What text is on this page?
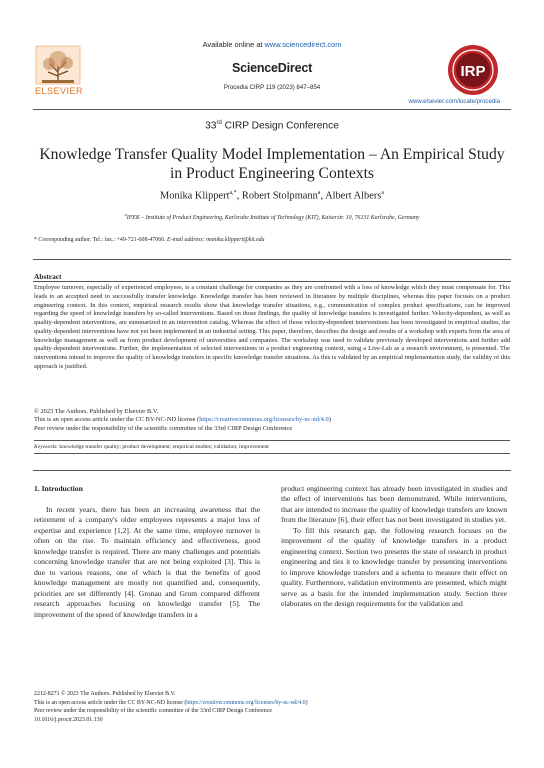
Available online at www.sciencedirect.com
ELSEVIER
ScienceDirect
Procedia CIRP 119 (2023) 847–854
IRP
www.elsevier.com/locate/procedia
33rd CIRP Design Conference
Knowledge Transfer Quality Model Implementation – An Empirical Study
in Product Engineering Contexts
Monika Klippert$^{a,*}$, Robert Stolpmann$^a$, Albert Albers$^a$
$^a$IPEK – Institute of Product Engineering, Karlsruhe Institute of Technology (KIT), Kaiserstr. 10, 76131 Karlsruhe, Germany
* Corresponding author. Tel.: fax.: +49-721-608-47066. E-mail address: monika.klippert@kit.edu
Abstract
Employee turnover, especially of experienced employees, is a constant challenge for companies as they are confronted with a loss of knowledge which they must compensate for. This leads to an accepted need to successfully transfer knowledge. Knowledge transfer has been reviewed in literature by multiple disciplines, whereas this paper focuses on a product engineering context. In this context, empirical research results show that knowledge transfer situations, e.g., communication of complex product specifications, can be improved regarding the speed of knowledge transfers by so-called interventions. Based on those findings, the quality of knowledge transfers is investigated further. Velocity-dependent, as well as quality-dependent interventions, are summarized in an intervention catalog. Whereas the effect of those velocity-dependent interventions has been investigated in empirical studies, the quality-dependent interventions have not yet been implemented in an industrial setting. This paper, therefore, describes the design and results of a workshop with experts from the area of knowledge management as well as from product development of universities and companies. The workshop was used to validate previously developed interventions and further add quality-dependent interventions. Further, the implementation of selected interventions in a product engineering context, using a Live-Lab as a research environment, is presented. The interventions intend to improve the quality of knowledge transfers in specific knowledge transfer situations. As this is validated by an empirical implementation study, the validity of this approach is justified.
© 2023 The Authors. Published by Elsevier B.V.
This is an open access article under the CC BY-NC-ND license (https://creativecommons.org/licenses/by-nc-nd/4.0)
Peer review under the responsibility of the scientific committee of the 33rd CIRP Design Conference
Keywords: knowledge transfer quality; product development; empirical studies; validation; improvement
1. Introduction
In recent years, there has been an increasing awareness that the retirement of a company's older employees represents a major loss of expertise and experience [1,2]. At the same time, employee turnover is often on the rise. To maintain efficiency and effectiveness, good knowledge transfer is required. There are many challenges and potentials concerning knowledge transfer that are not being exploited [3]. This is due to various reasons, one of which is that the benefits of good knowledge management are mostly not quantified and, consequently, priorities are set differently [4]. Gronau and Grum compared different research approaches focusing on knowledge transfer [5]. The improvement of the speed of knowledge transfers in a
product engineering context has already been investigated in studies and the effect of interventions has been demonstrated. While interventions, that are intended to increase the quality of knowledge transfers are known from the literature [6], their effect has not been investigated in studies yet.
To fill this research gap, the following research focuses on the improvement of the quality of knowledge transfers in a product engineering context. Section two presents the state of research in product engineering and ties it to knowledge transfer by presenting interventions to improve knowledge transfers and a schema to measure their effect on quality. Furthermore, validation environments are presented, which might serve as a basis for the intended implementation study. Section three elaborates on the design requirements for the validation and
2212-8271 © 2023 The Authors. Published by Elsevier B.V.
This is an open access article under the CC BY-NC-ND license (https://creativecommons.org/licenses/by-nc-nd/4.0)
Peer review under the responsibility of the scientific committee of the 33rd CIRP Design Conference
10.1016/j.procir.2023.01.130
